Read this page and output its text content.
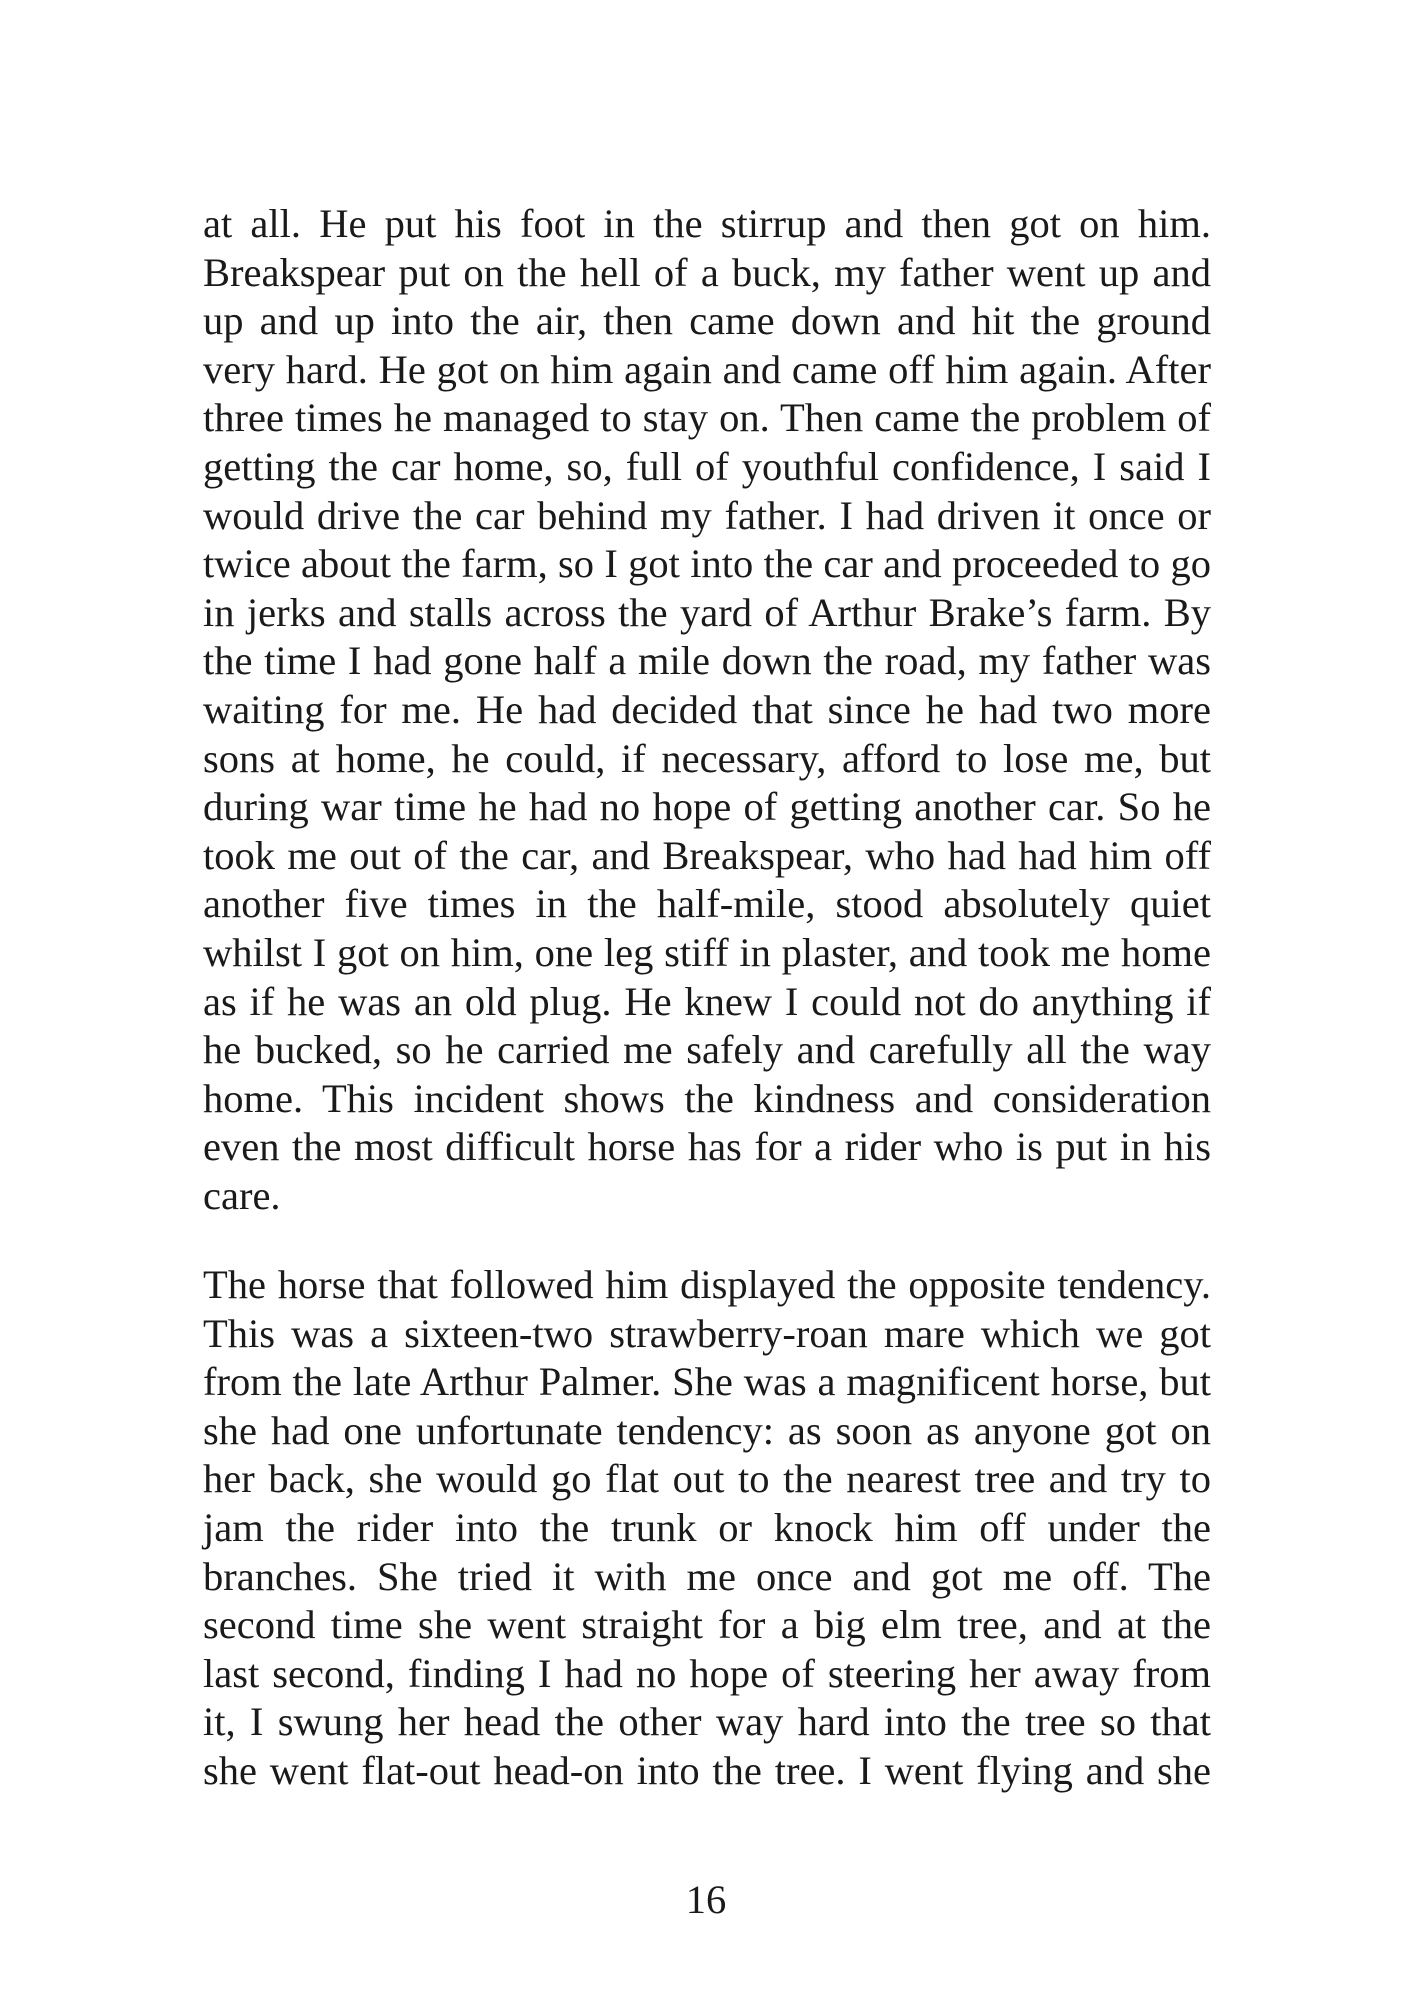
at all. He put his foot in the stirrup and then got on him.
Breakspear put on the hell of a buck, my father went up and
up and up into the air, then came down and hit the ground
very hard. He got on him again and came off him again. After
three times he managed to stay on. Then came the problem of
getting the car home, so, full of youthful confidence, I said I
would drive the car behind my father. I had driven it once or
twice about the farm, so I got into the car and proceeded to go
in jerks and stalls across the yard of Arthur Brake’s farm. By
the time I had gone half a mile down the road, my father was
waiting for me. He had decided that since he had two more
sons at home, he could, if necessary, afford to lose me, but
during war time he had no hope of getting another car. So he
took me out of the car, and Breakspear, who had had him off
another five times in the half-mile, stood absolutely quiet
whilst I got on him, one leg stiff in plaster, and took me home
as if he was an old plug. He knew I could not do anything if
he bucked, so he carried me safely and carefully all the way
home. This incident shows the kindness and consideration
even the most difficult horse has for a rider who is put in his
care.
The horse that followed him displayed the opposite tendency.
This was a sixteen-two strawberry-roan mare which we got
from the late Arthur Palmer. She was a magnificent horse, but
she had one unfortunate tendency: as soon as anyone got on
her back, she would go flat out to the nearest tree and try to
jam the rider into the trunk or knock him off under the
branches. She tried it with me once and got me off. The
second time she went straight for a big elm tree, and at the
last second, finding I had no hope of steering her away from
it, I swung her head the other way hard into the tree so that
she went flat-out head-on into the tree. I went flying and she
16
